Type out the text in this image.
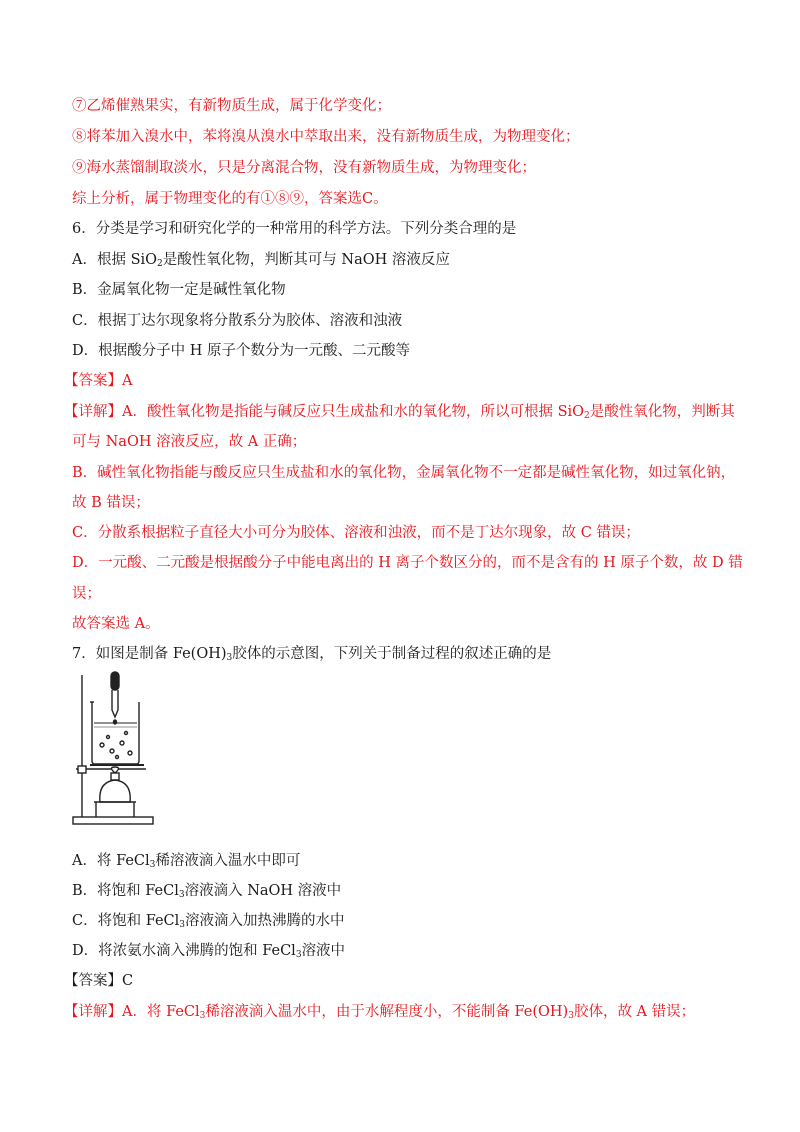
⑦乙烯催熟果实，有新物质生成，属于化学变化；
⑧将苯加入溴水中，苯将溴从溴水中萃取出来，没有新物质生成，为物理变化；
⑨海水蒸馏制取淡水，只是分离混合物，没有新物质生成，为物理变化；
综上分析，属于物理变化的有①⑧⑨，答案选C。
6．分类是学习和研究化学的一种常用的科学方法。下列分类合理的是
A．根据 SiO$_2$是酸性氧化物，判断其可与 NaOH 溶液反应
B．金属氧化物一定是碱性氧化物
C．根据丁达尔现象将分散系分为胶体、溶液和浊液
D．根据酸分子中 H 原子个数分为一元酸、二元酸等
【答案】A
【详解】A．酸性氧化物是指能与碱反应只生成盐和水的氧化物，所以可根据 SiO$_2$是酸性氧化物，判断其
可与 NaOH 溶液反应，故 A 正确；
B．碱性氧化物指能与酸反应只生成盐和水的氧化物，金属氧化物不一定都是碱性氧化物，如过氧化钠，
故 B 错误；
C．分散系根据粒子直径大小可分为胶体、溶液和浊液，而不是丁达尔现象，故 C 错误；
D．一元酸、二元酸是根据酸分子中能电离出的 H 离子个数区分的，而不是含有的 H 原子个数，故 D 错
误；
故答案选 A。
7．如图是制备 $Fe(OH)_3$胶体的示意图，下列关于制备过程的叙述正确的是
A．将 FeCl$_3$稀溶液滴入温水中即可
B．将饱和 FeCl$_3$溶液滴入 NaOH 溶液中
C．将饱和 FeCl$_3$溶液滴入加热沸腾的水中
D．将浓氨水滴入沸腾的饱和 FeCl$_3$溶液中
【答案】C
【详解】A．将 FeCl$_3$稀溶液滴入温水中，由于水解程度小，不能制备 $Fe(OH)_3$胶体，故 A 错误；
